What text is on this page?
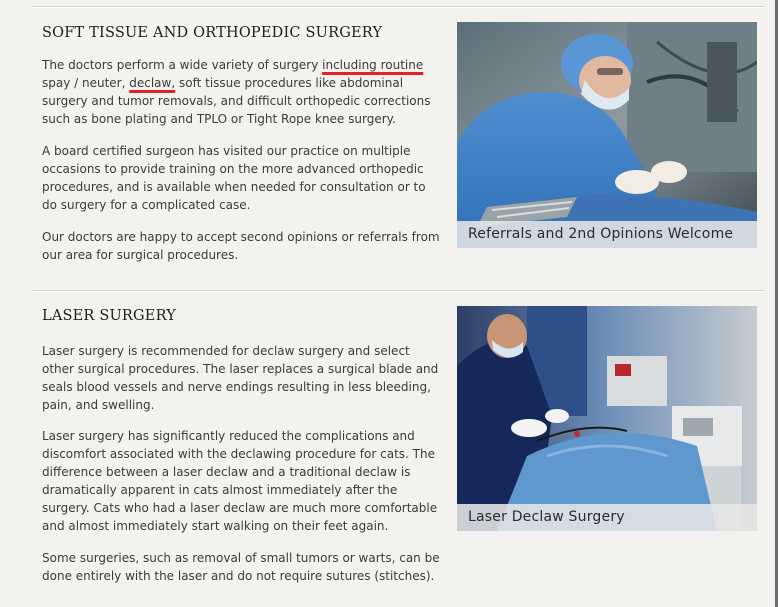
SOFT TISSUE AND ORTHOPEDIC SURGERY

The doctors perform a wide variety of surgery including routine spay / neuter, declaw, soft tissue procedures like abdominal surgery and tumor removals, and difficult orthopedic corrections such as bone plating and TPLO or Tight Rope knee surgery.

A board certified surgeon has visited our practice on multiple occasions to provide training on the more advanced orthopedic procedures, and is available when needed for consultation or to do surgery for a complicated case.

Our doctors are happy to accept second opinions or referrals from our area for surgical procedures.

Referrals and 2nd Opinions Welcome
LASER SURGERY

Laser surgery is recommended for declaw surgery and select other surgical procedures. The laser replaces a surgical blade and seals blood vessels and nerve endings resulting in less bleeding, pain, and swelling.

Laser surgery has significantly reduced the complications and discomfort associated with the declawing procedure for cats. The difference between a laser declaw and a traditional declaw is dramatically apparent in cats almost immediately after the surgery. Cats who had a laser declaw are much more comfortable and almost immediately start walking on their feet again.

Some surgeries, such as removal of small tumors or warts, can be done entirely with the laser and do not require sutures (stitches).

Laser Declaw Surgery
